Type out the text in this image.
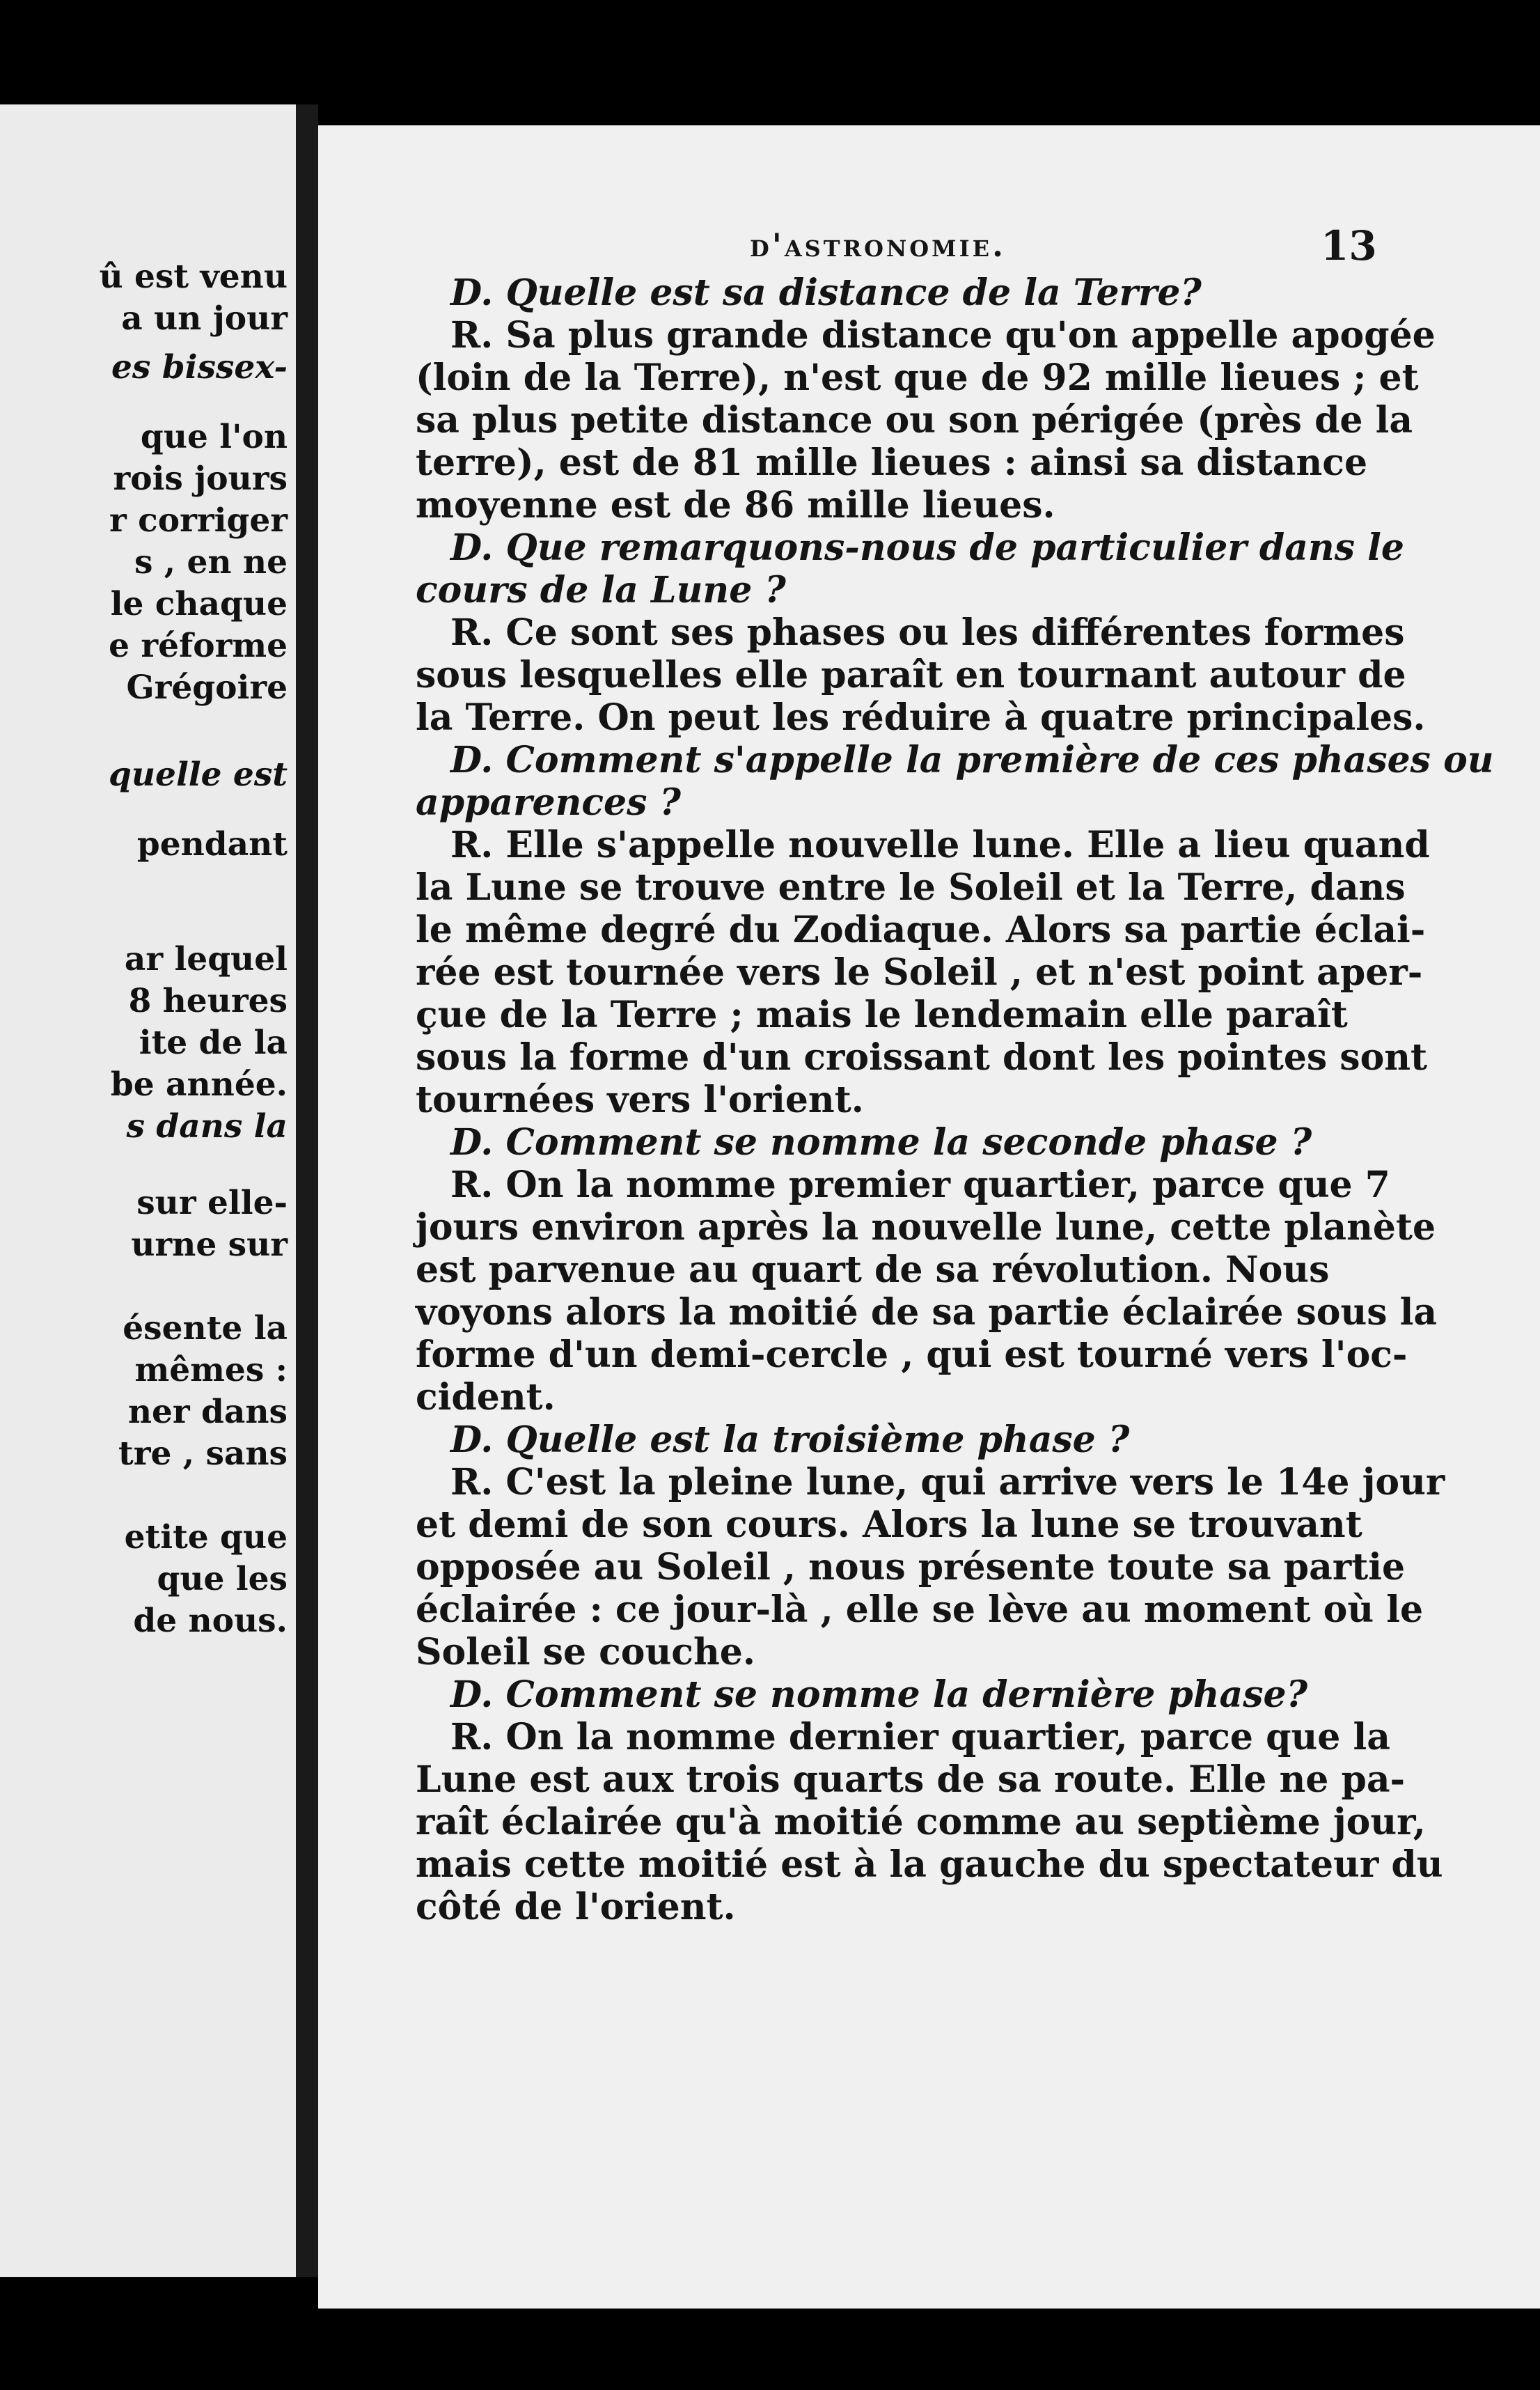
û est venu
a un jour
es bissex-
que l'on
rois jours
r corriger
s , en ne
le chaque
e réforme
Grégoire
quelle est
pendant
ar lequel
8 heures
ite de la
be année.
s dans la
sur elle-
urne sur
ésente la
mêmes :
ner dans
tre , sans
etite que
que les
de nous.
d'astronomie.	13
D. Quelle est sa distance de la Terre?
R. Sa plus grande distance qu'on appelle apogée
(loin de la Terre), n'est que de 92 mille lieues ; et
sa plus petite distance ou son périgée (près de la
terre), est de 81 mille lieues : ainsi sa distance
moyenne est de 86 mille lieues.
D. Que remarquons-nous de particulier dans le
cours de la Lune ?
R. Ce sont ses phases ou les différentes formes
sous lesquelles elle paraît en tournant autour de
la Terre. On peut les réduire à quatre principales.
D. Comment s'appelle la première de ces phases ou
apparences ?
R. Elle s'appelle nouvelle lune. Elle a lieu quand
la Lune se trouve entre le Soleil et la Terre, dans
le même degré du Zodiaque. Alors sa partie éclai-
rée est tournée vers le Soleil , et n'est point aper-
çue de la Terre ; mais le lendemain elle paraît
sous la forme d'un croissant dont les pointes sont
tournées vers l'orient.
D. Comment se nomme la seconde phase ?
R. On la nomme premier quartier, parce que 7
jours environ après la nouvelle lune, cette planète
est parvenue au quart de sa révolution. Nous
voyons alors la moitié de sa partie éclairée sous la
forme d'un demi-cercle , qui est tourné vers l'oc-
cident.
D. Quelle est la troisième phase ?
R. C'est la pleine lune, qui arrive vers le 14e jour
et demi de son cours. Alors la lune se trouvant
opposée au Soleil , nous présente toute sa partie
éclairée : ce jour-là , elle se lève au moment où le
Soleil se couche.
D. Comment se nomme la dernière phase?
R. On la nomme dernier quartier, parce que la
Lune est aux trois quarts de sa route. Elle ne pa-
raît éclairée qu'à moitié comme au septième jour,
mais cette moitié est à la gauche du spectateur du
côté de l'orient.
